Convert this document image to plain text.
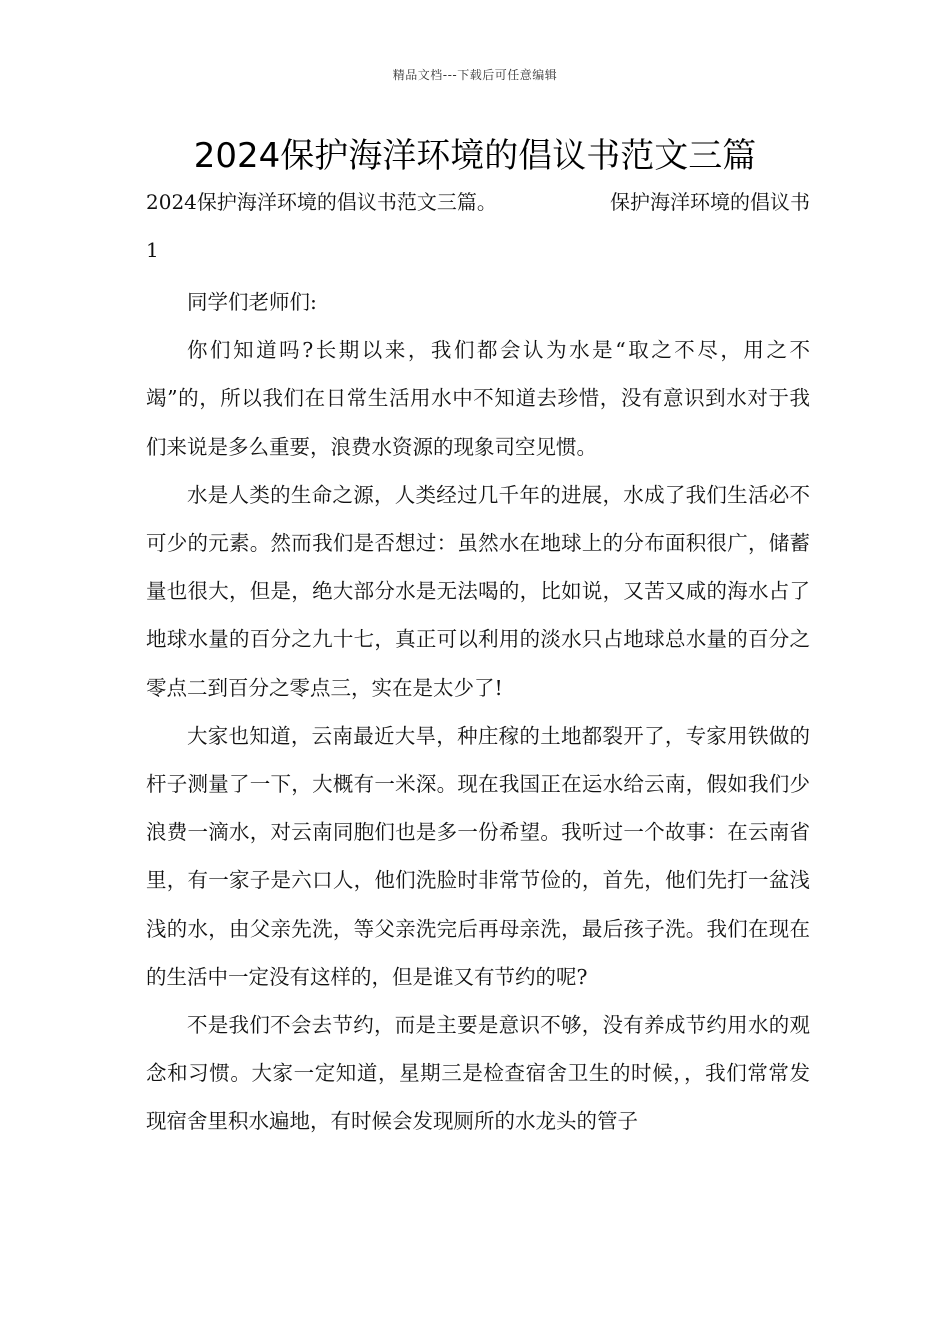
精品文档---下载后可任意编辑
2024保护海洋环境的倡议书范文三篇
2024保护海洋环境的倡议书范文三篇。	保护海洋环境的倡议书
1

同学们老师们:

你们知道吗?长期以来，我们都会认为水是“取之不尽，用之不竭”的，所以我们在日常生活用水中不知道去珍惜，没有意识到水对于我们来说是多么重要，浪费水资源的现象司空见惯。

水是人类的生命之源，人类经过几千年的进展，水成了我们生活必不可少的元素。然而我们是否想过：虽然水在地球上的分布面积很广，储蓄量也很大，但是，绝大部分水是无法喝的，比如说，又苦又咸的海水占了地球水量的百分之九十七，真正可以利用的淡水只占地球总水量的百分之零点二到百分之零点三，实在是太少了!

大家也知道，云南最近大旱，种庄稼的土地都裂开了，专家用铁做的杆子测量了一下，大概有一米深。现在我国正在运水给云南，假如我们少浪费一滴水，对云南同胞们也是多一份希望。我听过一个故事：在云南省里，有一家子是六口人，他们洗脸时非常节俭的，首先，他们先打一盆浅浅的水，由父亲先洗，等父亲洗完后再母亲洗，最后孩子洗。我们在现在的生活中一定没有这样的，但是谁又有节约的呢?

不是我们不会去节约，而是主要是意识不够，没有养成节约用水的观念和习惯。大家一定知道，星期三是检查宿舍卫生的时候，，我们常常发现宿舍里积水遍地，有时候会发现厕所的水龙头的管子
